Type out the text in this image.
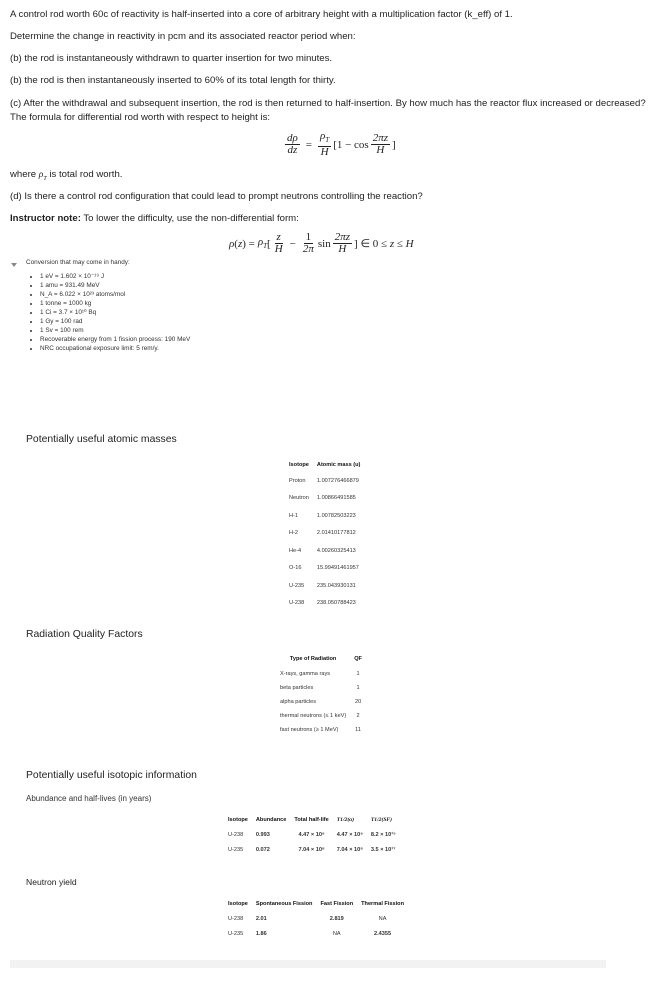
A control rod worth 60c of reactivity is half-inserted into a core of arbitrary height with a multiplication factor (k_eff) of 1.
Determine the change in reactivity in pcm and its associated reactor period when:
(b) the rod is instantaneously withdrawn to quarter insertion for two minutes.
(b) the rod is then instantaneously inserted to 60% of its total length for thirty.
(c) After the withdrawal and subsequent insertion, the rod is then returned to half-insertion. By how much has the reactor flux increased or decreased? The formula for differential rod worth with respect to height is:
$\frac{d\rho}{dz} = \frac{\rho_T}{H} [1 - \cos \frac{2\pi z}{H}$ ]
where $\rho_T$ is total rod worth.
(d) Is there a control rod configuration that could lead to prompt neutrons controlling the reaction?
Instructor note: To lower the difficulty, use the non-differential form:
ρ ( z ) = $\rho_T$ [ $\frac{z}{H} - \frac{1}{2\pi}$ $\sin \frac{2\pi z}{H}$ ] ∈ 0 ≤ z ≤ H
Conversion that may come in handy:
• 1 eV = 1.602 × 10⁻¹⁹ J
• 1 amu = 931.49 MeV
• N_A = 6.022 × 10²³ atoms/mol
• 1 tonne = 1000 kg
• 1 Ci = 3.7 × 10¹⁰ Bq
• 1 Gy = 100 rad
• 1 Sv = 100 rem
• Recoverable energy from 1 fission process: 190 MeV
• NRC occupational exposure limit: 5 rem/y.
Potentially useful atomic masses
Isotope	Atomic mass (u)
Proton	1.007276466879
Neutron	1.00866491585
H-1	1.00782503223
H-2	2.01410177812
He-4	4.00260325413
O-16	15.99491461957
U-235	235.043930131
U-238	238.050788423
Radiation Quality Factors
Type of Radiation	QF
X-rays, gamma rays	1
beta particles	1
alpha particles	20
thermal neutrons (≤ 1 keV)	2
fast neutrons (≥ 1 MeV)	11
Potentially useful isotopic information
Abundance and half-lives (in years)
Isotope	Abundance	Total half-life	T1/2(α)	T1/2(SF)
U-238	0.993	4.47 × 10⁹	4.47 × 10⁹	8.2 × 10¹⁵
U-235	0.072	7.04 × 10⁸	7.04 × 10⁸	3.5 × 10¹⁷
Neutron yield
Isotope	Spontaneous Fission	Fast Fission	Thermal Fission
U-238	2.01	2.819	NA
U-235	1.86	NA	2.4355
